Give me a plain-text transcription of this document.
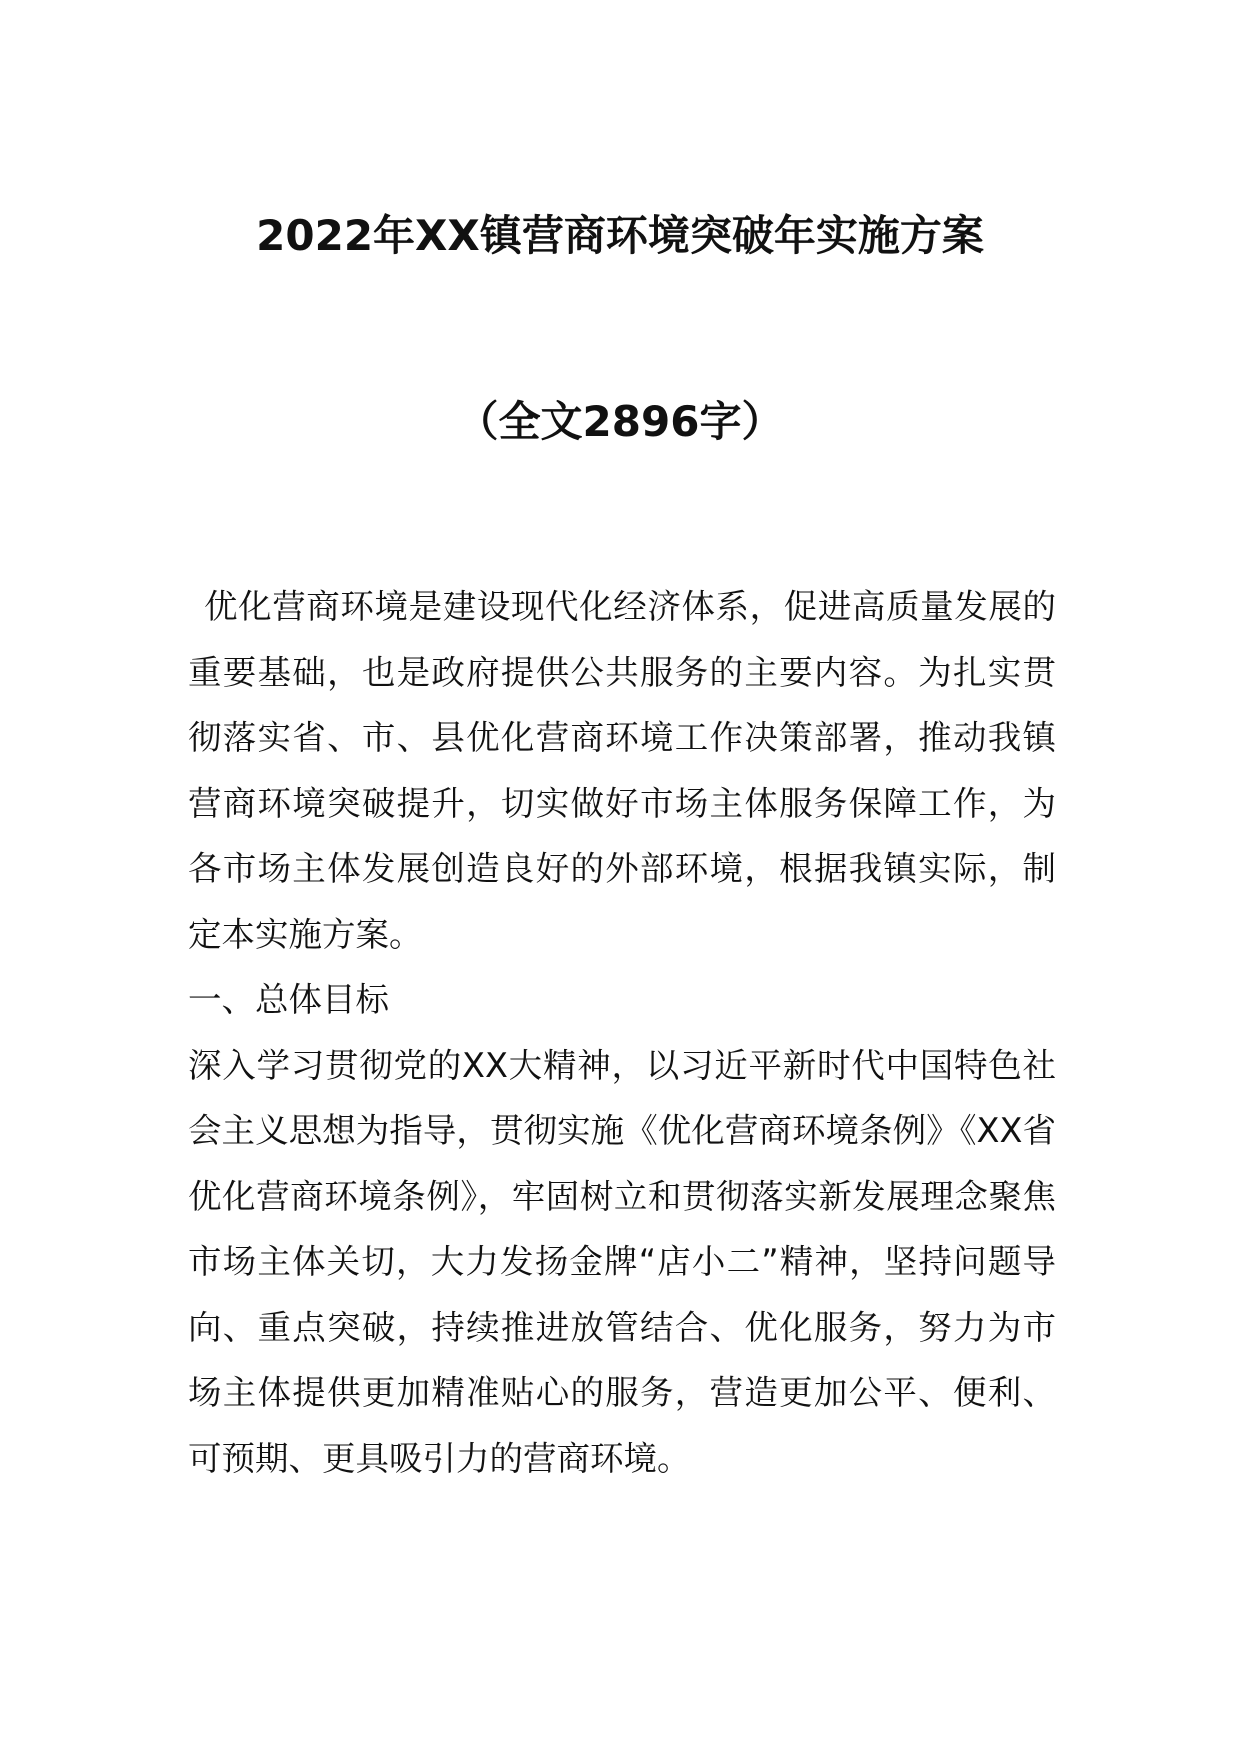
2022年XX镇营商环境突破年实施方案
（全文2896字）

优化营商环境是建设现代化经济体系，促进高质量发展的重要基础，也是政府提供公共服务的主要内容。为扎实贯彻落实省、市、县优化营商环境工作决策部署，推动我镇营商环境突破提升，切实做好市场主体服务保障工作，为各市场主体发展创造良好的外部环境，根据我镇实际，制定本实施方案。

一、总体目标

深入学习贯彻党的XX大精神，以习近平新时代中国特色社会主义思想为指导，贯彻实施《优化营商环境条例》《XX省优化营商环境条例》，牢固树立和贯彻落实新发展理念聚焦市场主体关切，大力发扬金牌“店小二”精神，坚持问题导向、重点突破，持续推进放管结合、优化服务，努力为市场主体提供更加精准贴心的服务，营造更加公平、便利、可预期、更具吸引力的营商环境。
